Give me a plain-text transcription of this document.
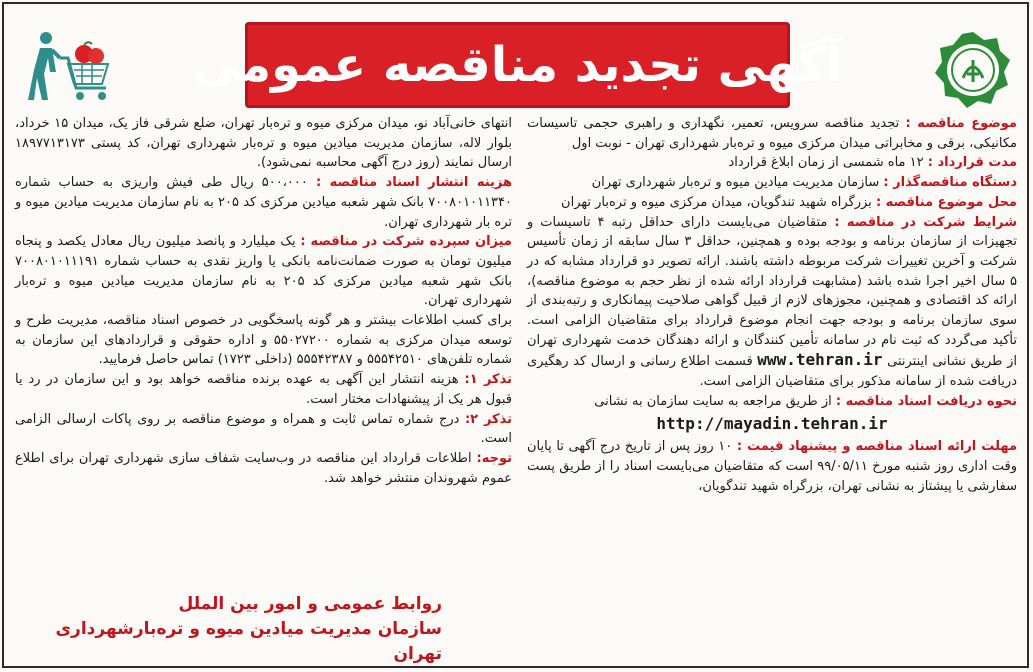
آگهی تجدید مناقصه عمومی

موضوع مناقصه : تجدید مناقصه سرویس، تعمیر، نگهداری و راهبری حجمی تاسیسات مکانیکی، برقی و مخابراتی میدان مرکزی میوه و تره‌بار شهرداری تهران - نوبت اول

مدت قرارداد : ۱۲ ماه شمسی از زمان ابلاغ قرارداد

دستگاه مناقصه‌گذار : سازمان مدیریت میادین میوه و تره‌بار شهرداری تهران

محل موضوع مناقصه : بزرگراه شهید تندگویان، میدان مرکزی میوه و تره‌بار تهران

شرایط شرکت در مناقصه : متقاضیان می‌بایست دارای حداقل رتبه ۴ تاسیسات و تجهیزات از سازمان برنامه و بودجه بوده و همچنین، حداقل ۳ سال سابقه از زمان تأسیس شرکت و آخرین تغییرات شرکت مربوطه داشته باشند. ارائه تصویر دو قرارداد مشابه که در ۵ سال اخیر اجرا شده باشد (مشابهت قرارداد ارائه شده از نظر حجم به موضوع مناقصه)، ارائه کد اقتصادی و همچنین، مجوزهای لازم از قبیل گواهی صلاحیت پیمانکاری و رتبه‌بندی از سوی سازمان برنامه و بودجه جهت انجام موضوع قرارداد برای متقاضیان الزامی است. تأکید می‌گردد که ثبت نام در سامانه تأمین کنندگان و ارائه دهندگان خدمت شهرداری تهران از طریق نشانی اینترنتی www.tehran.ir قسمت اطلاع رسانی و ارسال کد رهگیری دریافت شده از سامانه مذکور برای متقاضیان الزامی است.

نحوه دریافت اسناد مناقصه : از طریق مراجعه به سایت سازمان به نشانی

http://mayadin.tehran.ir

مهلت ارائه اسناد مناقصه و پیشنهاد قیمت : ۱۰ روز پس از تاریخ درج آگهی تا پایان وقت اداری روز شنبه مورخ ۹۹/۰۵/۱۱ است که متقاضیان می‌بایست اسناد را از طریق پست سفارشی یا پیشتاز به نشانی تهران، بزرگراه شهید تندگویان،

انتهای خانی‌آباد نو، میدان مرکزی میوه و تره‌بار تهران، ضلع شرقی فاز یک، میدان ۱۵ خرداد، بلوار لاله، سازمان مدیریت میادین میوه و تره‌بار شهرداری تهران، کد پستی ۱۸۹۷۷۱۳۱۷۳ ارسال نمایند (روز درج آگهی محاسبه نمی‌شود).

هزینه انتشار اسناد مناقصه : ۵۰۰،۰۰۰ ریال طی فیش واریزی به حساب شماره ۷۰۰۸۰۱۰۱۱۳۴۰ بانک شهر شعبه میادین مرکزی کد ۲۰۵ به نام سازمان مدیریت میادین میوه و تره بار شهرداری تهران.

میزان سپرده شرکت در مناقصه : یک میلیارد و پانصد میلیون ریال معادل یکصد و پنجاه میلیون تومان به صورت ضمانت‌نامه بانکی یا واریز نقدی به حساب شماره ۷۰۰۸۰۱۰۱۱۱۹۱ بانک شهر شعبه میادین مرکزی کد ۲۰۵ به نام سازمان مدیریت میادین میوه و تره‌بار شهرداری تهران.

برای کسب اطلاعات بیشتر و هر گونه پاسخگویی در خصوص اسناد مناقصه، مدیریت طرح و توسعه میدان مرکزی به شماره ۵۵۰۲۷۲۰۰ و اداره حقوقی و قراردادهای این سازمان به شماره تلفن‌های ۵۵۵۴۲۵۱۰ و ۵۵۵۴۲۳۸۷ (داخلی ۱۷۲۳) تماس حاصل فرمایید.

تذکر ۱: هزینه انتشار این آگهی به عهده برنده مناقصه خواهد بود و این سازمان در رد یا قبول هر یک از پیشنهادات مختار است.

تذکر ۲: درج شماره تماس ثابت و همراه و موضوع مناقصه بر روی پاکات ارسالی الزامی است.

توجه: اطلاعات قرارداد این مناقصه در وب‌سایت شفاف سازی شهرداری تهران برای اطلاع عموم شهروندان منتشر خواهد شد.

روابط عمومی و امور بین الملل
سازمان مدیریت میادین میوه و تره‌بارشهرداری تهران
